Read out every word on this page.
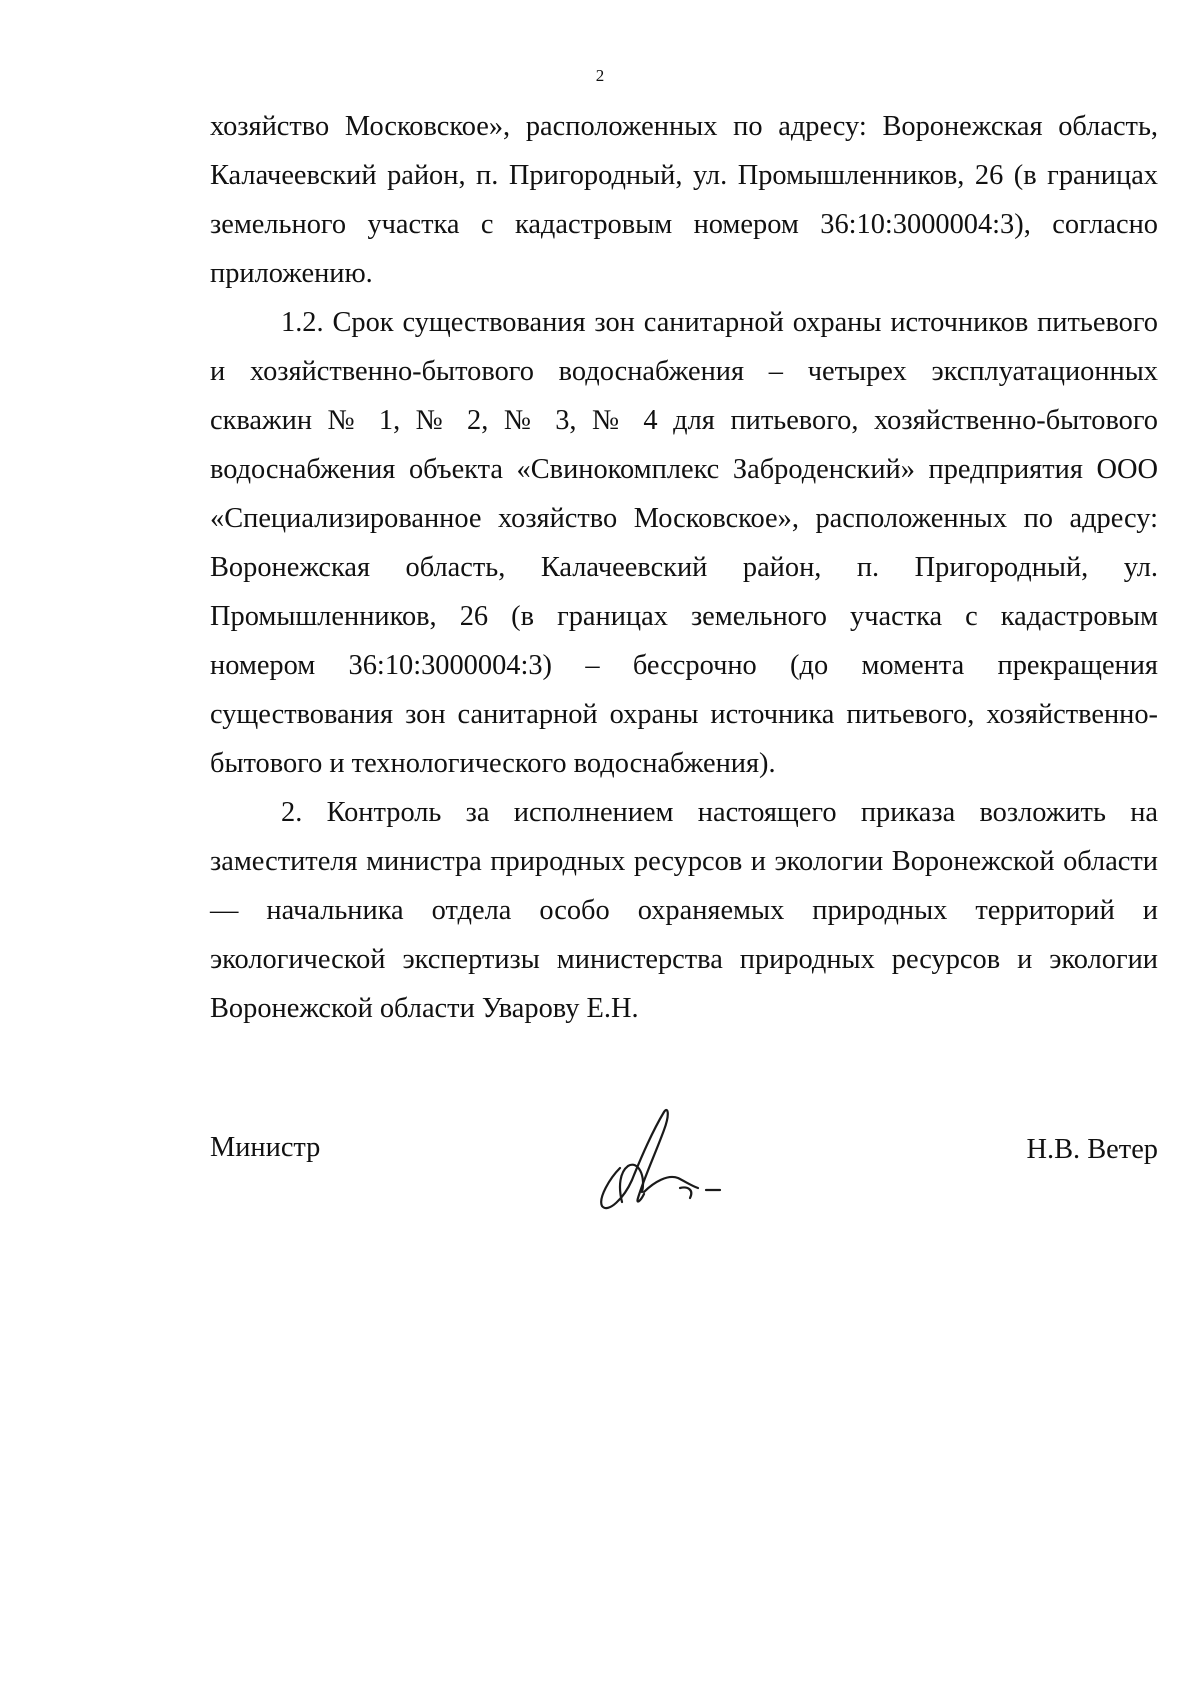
2

хозяйство Московское», расположенных по адресу: Воронежская область, Калачеевский район, п. Пригородный, ул. Промышленников, 26 (в границах земельного участка с кадастровым номером 36:10:3000004:3), согласно приложению.

1.2. Срок существования зон санитарной охраны источников питьевого и хозяйственно-бытового водоснабжения – четырех эксплуатационных скважин № 1, № 2, № 3, № 4 для питьевого, хозяйственно-бытового водоснабжения объекта «Свинокомплекс Заброденский» предприятия ООО «Специализированное хозяйство Московское», расположенных по адресу: Воронежская область, Калачеевский район, п. Пригородный, ул. Промышленников, 26 (в границах земельного участка с кадастровым номером 36:10:3000004:3) – бессрочно (до момента прекращения существования зон санитарной охраны источника питьевого, хозяйственно-бытового и технологического водоснабжения).

2. Контроль за исполнением настоящего приказа возложить на заместителя министра природных ресурсов и экологии Воронежской области — начальника отдела особо охраняемых природных территорий и экологической экспертизы министерства природных ресурсов и экологии Воронежской области Уварову Е.Н.

Министр	Н.В. Ветер
